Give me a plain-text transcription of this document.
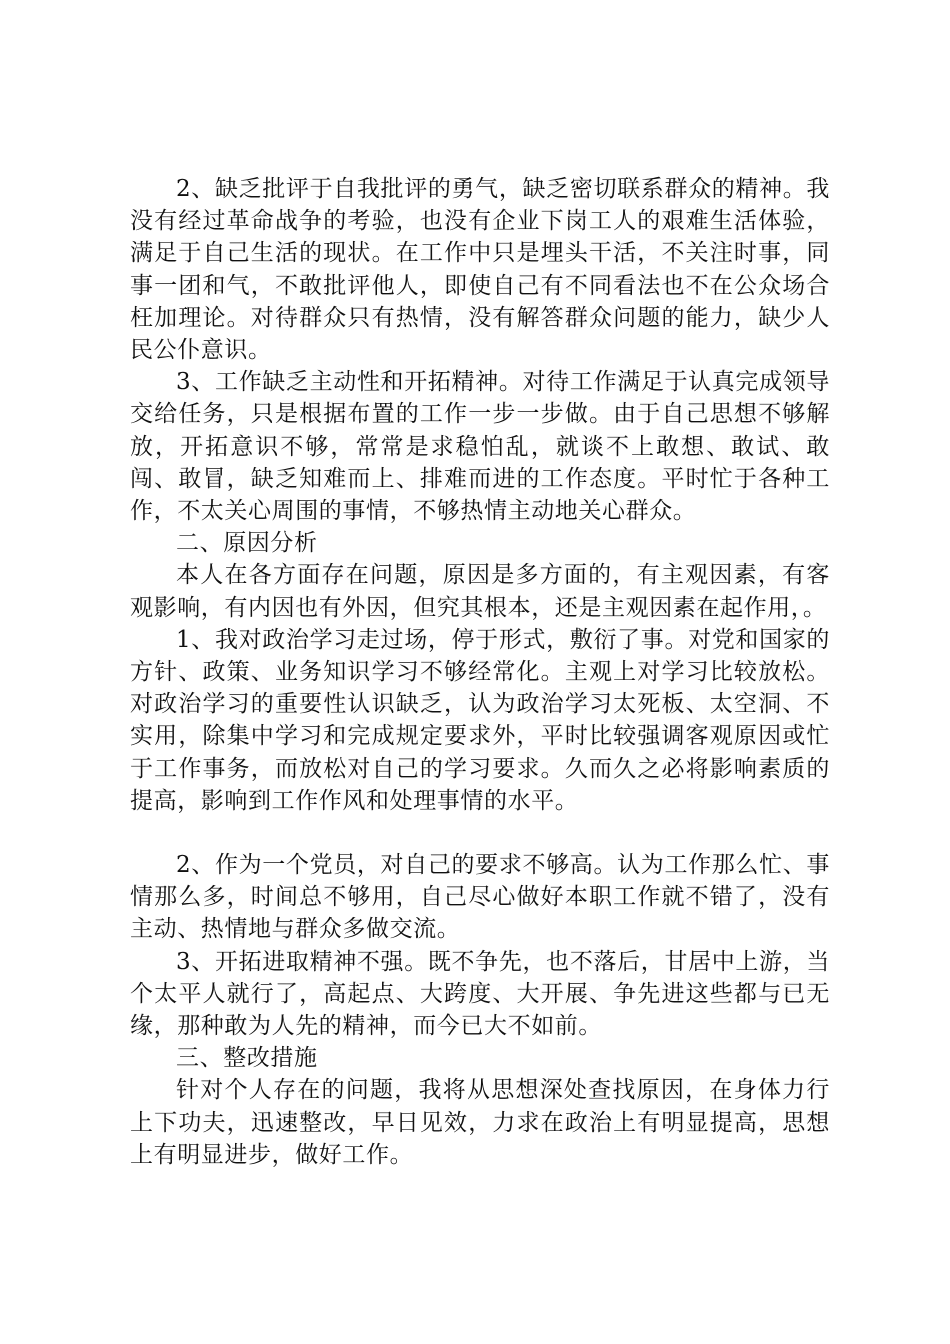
2、缺乏批评于自我批评的勇气，缺乏密切联系群众的精神。我没有经过革命战争的考验，也没有企业下岗工人的艰难生活体验，满足于自己生活的现状。在工作中只是埋头干活，不关注时事，同事一团和气，不敢批评他人，即使自己有不同看法也不在公众场合枉加理论。对待群众只有热情，没有解答群众问题的能力，缺少人民公仆意识。

3、工作缺乏主动性和开拓精神。对待工作满足于认真完成领导交给任务，只是根据布置的工作一步一步做。由于自己思想不够解放，开拓意识不够，常常是求稳怕乱，就谈不上敢想、敢试、敢闯、敢冒，缺乏知难而上、排难而进的工作态度。平时忙于各种工作，不太关心周围的事情，不够热情主动地关心群众。

二、原因分析

本人在各方面存在问题，原因是多方面的，有主观因素，有客观影响，有内因也有外因，但究其根本，还是主观因素在起作用，。

1、我对政治学习走过场，停于形式，敷衍了事。对党和国家的方针、政策、业务知识学习不够经常化。主观上对学习比较放松。对政治学习的重要性认识缺乏，认为政治学习太死板、太空洞、不实用，除集中学习和完成规定要求外，平时比较强调客观原因或忙于工作事务，而放松对自己的学习要求。久而久之必将影响素质的提高，影响到工作作风和处理事情的水平。

2、作为一个党员，对自己的要求不够高。认为工作那么忙、事情那么多，时间总不够用，自己尽心做好本职工作就不错了，没有主动、热情地与群众多做交流。

3、开拓进取精神不强。既不争先，也不落后，甘居中上游，当个太平人就行了，高起点、大跨度、大开展、争先进这些都与已无缘，那种敢为人先的精神，而今已大不如前。

三、整改措施

针对个人存在的问题，我将从思想深处查找原因，在身体力行上下功夫，迅速整改，早日见效，力求在政治上有明显提高，思想上有明显进步，做好工作。
